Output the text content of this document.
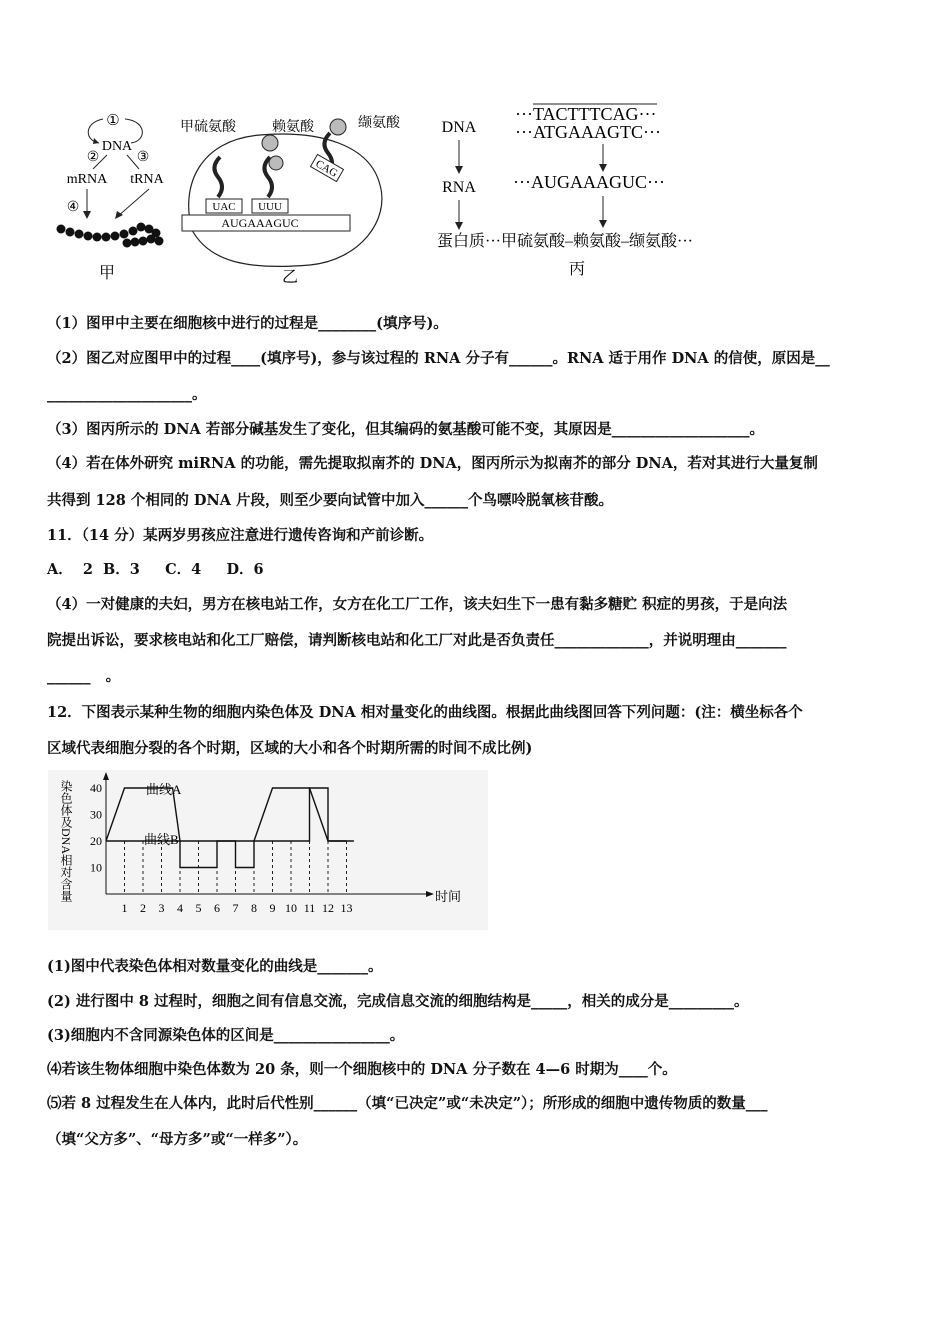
①
DNA
②	③
mRNA tRNA
④
甲
甲硫氨酸	赖氨酸	缬氨酸
UAC UUU
CAG
AUGAAAGUC
乙
DNA
RNA
···TACTTTCAG···
···ATGAAAGTC···
···AUGAAAGUC···
蛋白质···甲硫氨酸–赖氨酸–缬氨酸···
丙
（1）图甲中主要在细胞核中进行的过程是________(填序号)。
（2）图乙对应图甲中的过程____(填序号)，参与该过程的 RNA 分子有______。RNA 适于用作 DNA 的信使，原因是__
____________________。
（3）图丙所示的 DNA 若部分碱基发生了变化，但其编码的氨基酸可能不变，其原因是___________________。
（4）若在体外研究 miRNA 的功能，需先提取拟南芥的 DNA，图丙所示为拟南芥的部分 DNA，若对其进行大量复制
共得到 128 个相同的 DNA 片段，则至少要向试管中加入______个鸟嘌呤脱氧核苷酸。
11．（14 分）某两岁男孩应注意进行遗传咨询和产前诊断。
A．  2  B．3     C．4     D．6
（4）一对健康的夫妇，男方在核电站工作，女方在化工厂工作，该夫妇生下一患有黏多糖贮 积症的男孩，于是向法
院提出诉讼，要求核电站和化工厂赔偿，请判断核电站和化工厂对此是否负责任_____________，并说明理由_______
______   。
12．下图表示某种生物的细胞内染色体及 DNA 相对量变化的曲线图。根据此曲线图回答下列问题：(注：横坐标各个
区域代表细胞分裂的各个时期，区域的大小和各个时期所需的时间不成比例)
染色体及DNA相对含量	时间
10
20
30
40
1 2 3 4 5 6 7 8 9 10 11 12 13
曲线A
曲线B
(1)图中代表染色体相对数量变化的曲线是_______。
(2) 进行图中 8 过程时，细胞之间有信息交流，完成信息交流的细胞结构是_____，相关的成分是_________。
(3)细胞内不含同源染色体的区间是________________。
⑷若该生物体细胞中染色体数为 20 条，则一个细胞核中的 DNA 分子数在 4—6 时期为____个。
⑸若 8 过程发生在人体内，此时后代性别______（填“已决定”或“未决定”）；所形成的细胞中遗传物质的数量___
（填“父方多”、“母方多”或“一样多”）。
